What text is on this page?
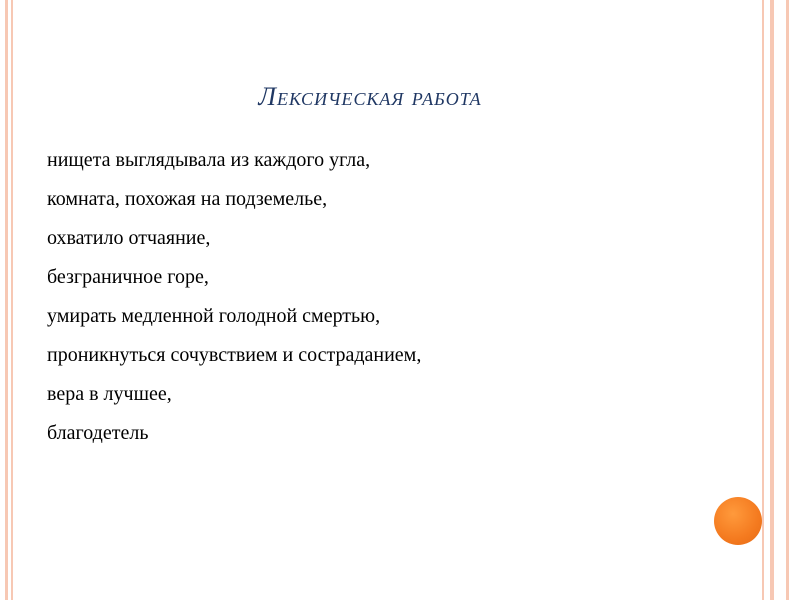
Лексическая работа
нищета выглядывала из каждого угла,
комната, похожая на подземелье,
охватило отчаяние,
безграничное горе,
умирать медленной голодной смертью,
проникнуться сочувствием и состраданием,
вера в лучшее,
благодетель
